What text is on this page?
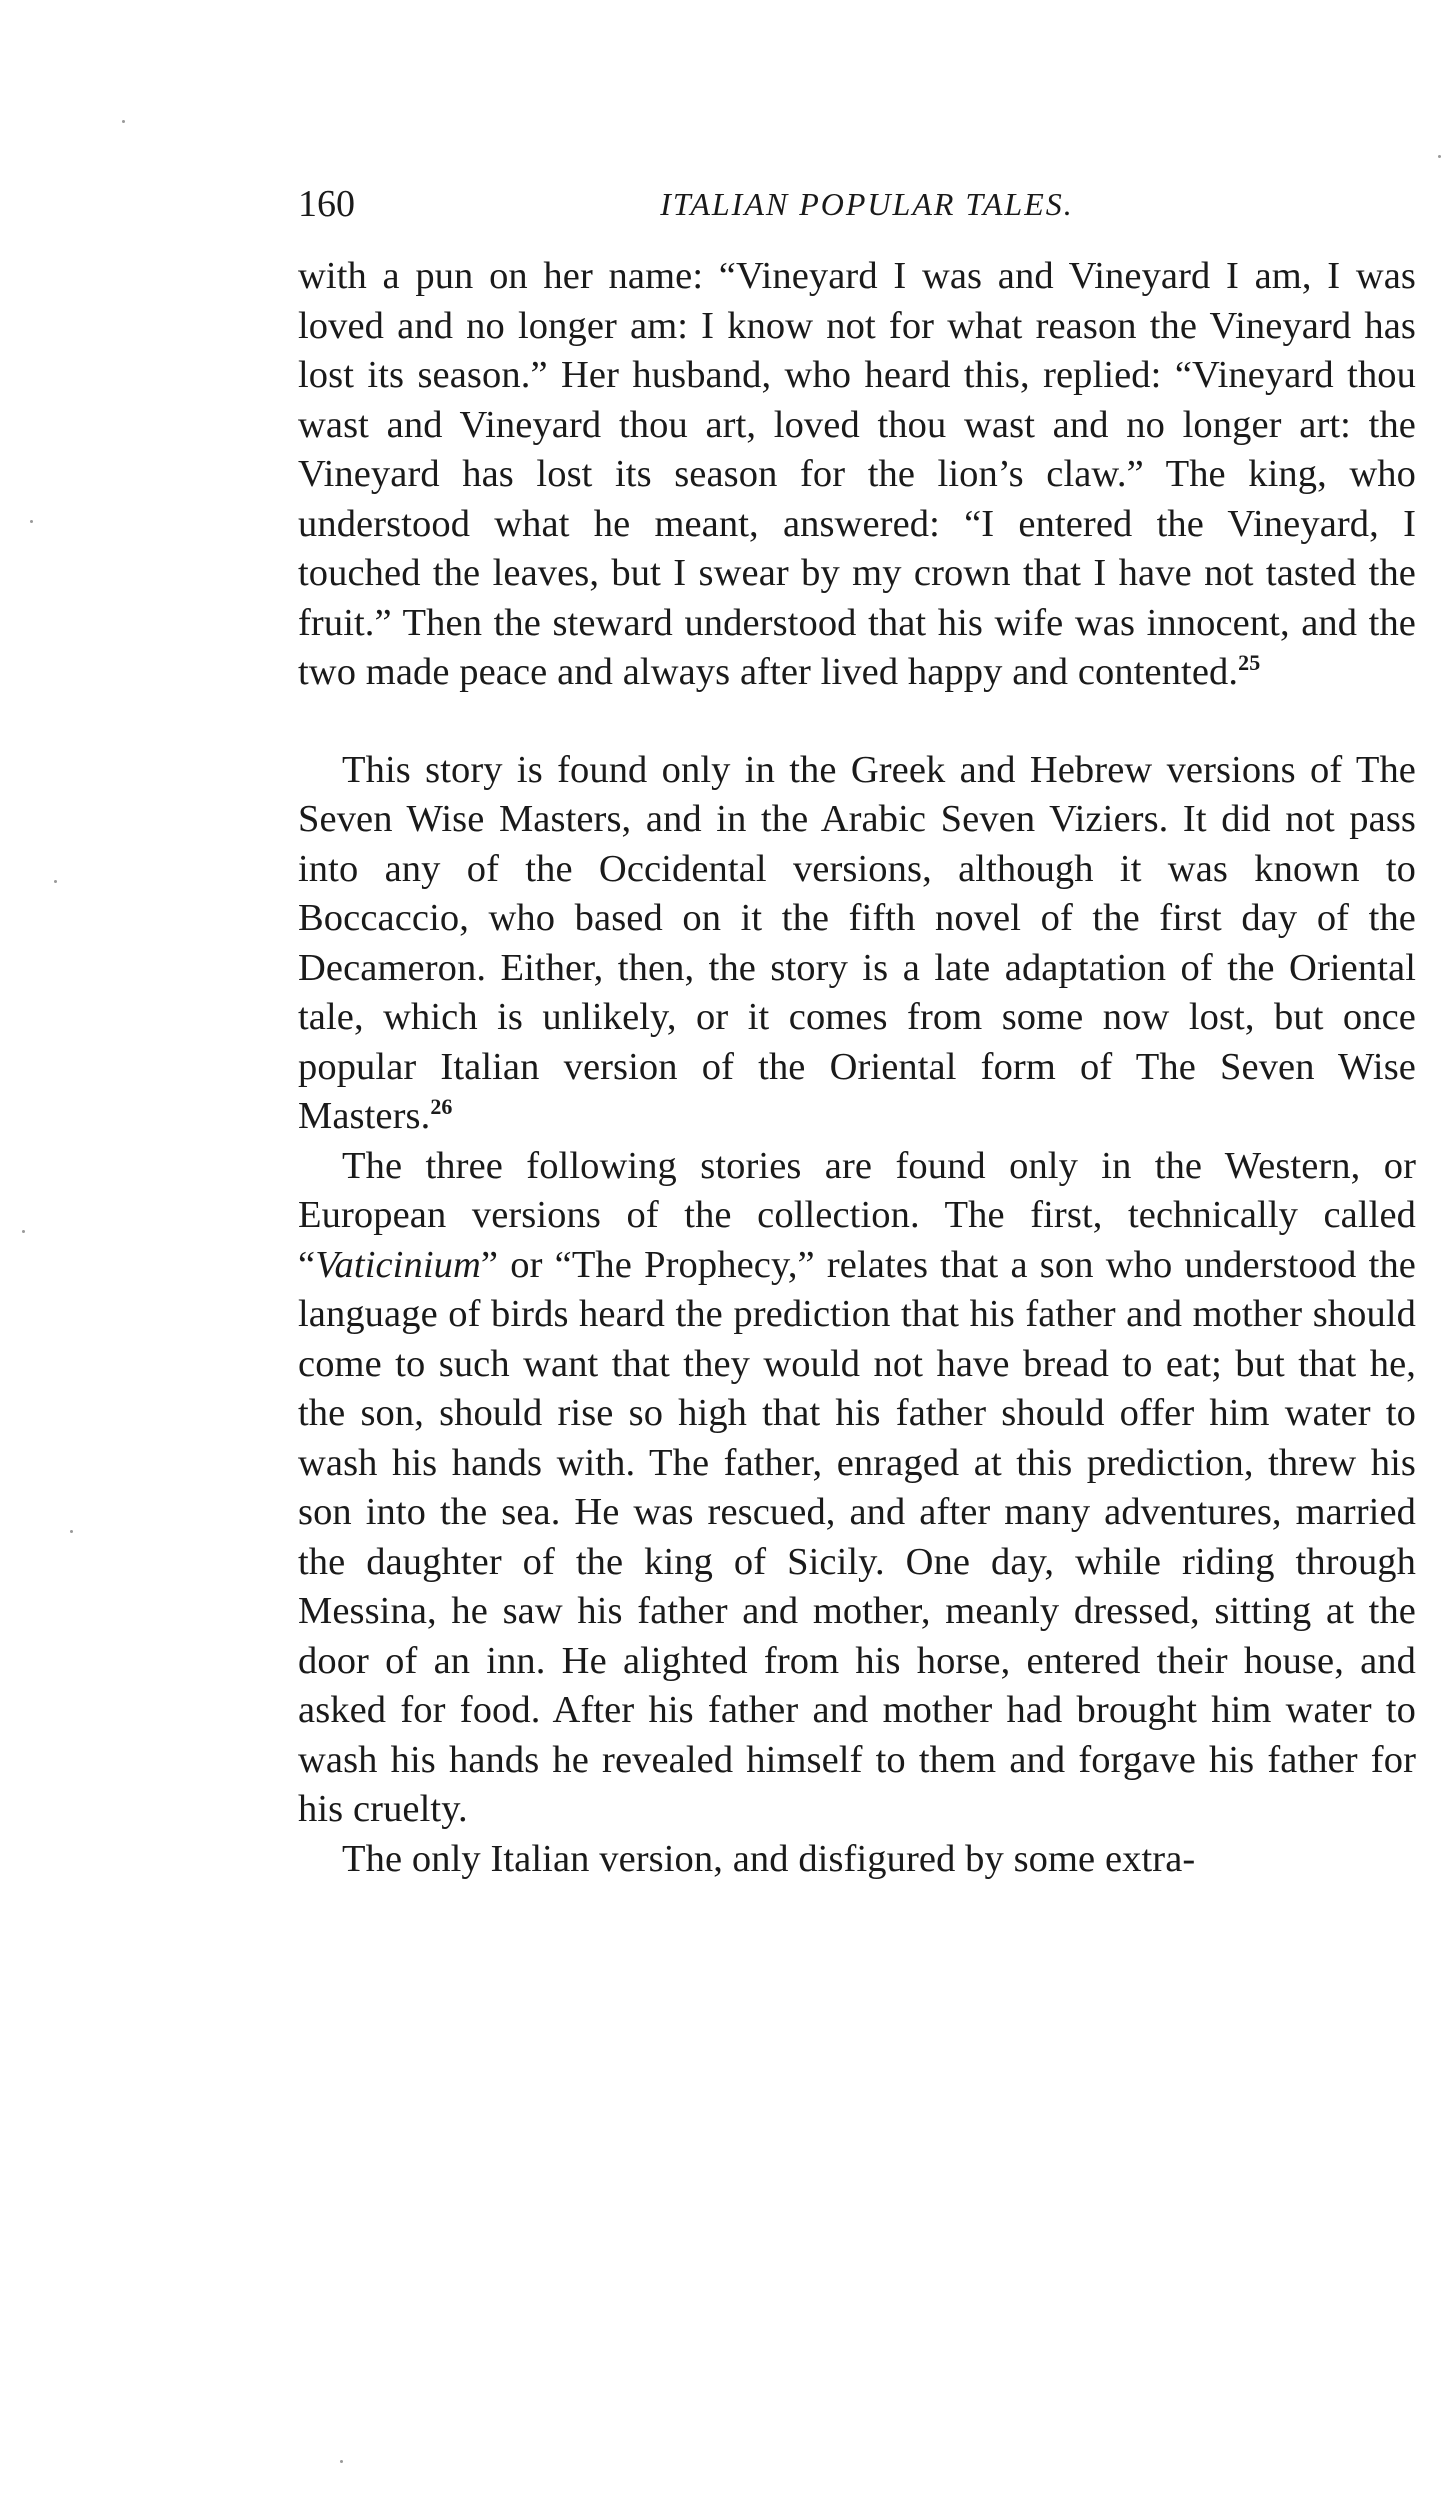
160	ITALIAN POPULAR TALES.

with a pun on her name: “Vineyard I was and Vineyard I am, I was loved and no longer am: I know not for what reason the Vineyard has lost its season.” Her husband, who heard this, replied: “Vineyard thou wast and Vineyard thou art, loved thou wast and no longer art: the Vineyard has lost its season for the lion’s claw.” The king, who understood what he meant, answered: “I entered the Vineyard, I touched the leaves, but I swear by my crown that I have not tasted the fruit.” Then the steward understood that his wife was innocent, and the two made peace and always after lived happy and contented.$^{25}$

This story is found only in the Greek and Hebrew versions of The Seven Wise Masters, and in the Arabic Seven Viziers. It did not pass into any of the Occidental versions, although it was known to Boccaccio, who based on it the fifth novel of the first day of the Decameron. Either, then, the story is a late adaptation of the Oriental tale, which is unlikely, or it comes from some now lost, but once popular Italian version of the Oriental form of The Seven Wise Masters.$^{26}$

The three following stories are found only in the Western, or European versions of the collection. The first, technically called “Vaticinium” or “The Prophecy,” relates that a son who understood the language of birds heard the prediction that his father and mother should come to such want that they would not have bread to eat; but that he, the son, should rise so high that his father should offer him water to wash his hands with. The father, enraged at this prediction, threw his son into the sea. He was rescued, and after many adventures, married the daughter of the king of Sicily. One day, while riding through Messina, he saw his father and mother, meanly dressed, sitting at the door of an inn. He alighted from his horse, entered their house, and asked for food. After his father and mother had brought him water to wash his hands he revealed himself to them and forgave his father for his cruelty.

The only Italian version, and disfigured by some extra-
